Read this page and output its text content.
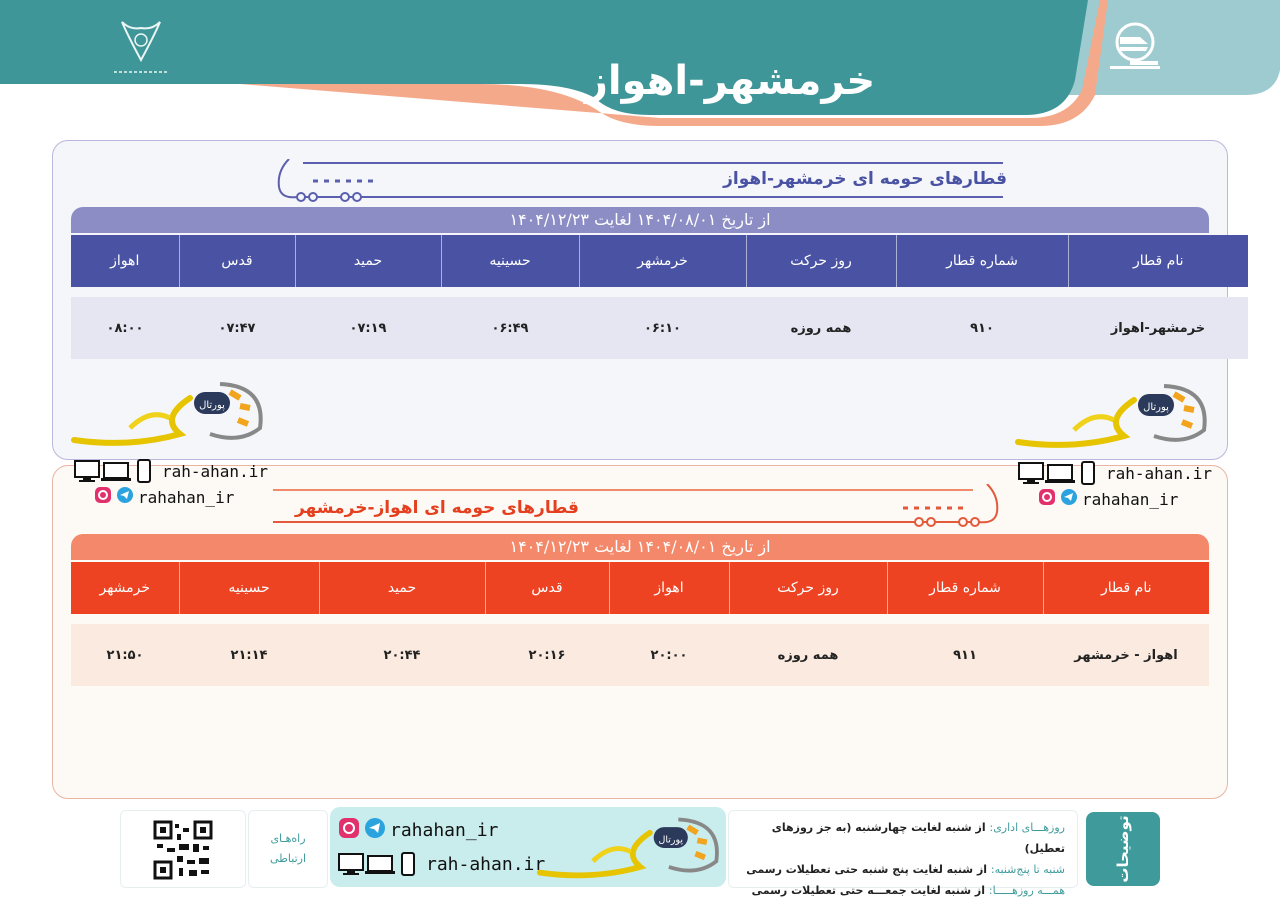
خرمشهر-اهواز
قطارهای حومه ای خرمشهر-اهواز
از تاریخ ۱۴۰۴/۰۸/۰۱ لغایت ۱۴۰۴/۱۲/۲۳
نام قطار	شماره قطار	روز حرکت	خرمشهر	حسینیه	حمید	قدس	اهواز

خرمشهر-اهواز	۹۱۰	همه روزه	۰۶:۱۰	۰۶:۴۹	۰۷:۱۹	۰۷:۴۷	۰۸:۰۰
قطارهای حومه ای اهواز-خرمشهر
از تاریخ ۱۴۰۴/۰۸/۰۱ لغایت ۱۴۰۴/۱۲/۲۳
نام قطار	شماره قطار	روز حرکت	اهواز	قدس	حمید	حسینیه	خرمشهر

اهواز - خرمشهر	۹۱۱	همه روزه	۲۰:۰۰	۲۰:۱۶	۲۰:۴۴	۲۱:۱۴	۲۱:۵۰
پورتال	پورتال
rah-ahan.ir
rahahan_ir
rah-ahan.ir
rahahan_ir
توضیحات
روزهـــای اداری: از شنبه لغایت چهارشنبه (به جز روزهای تعطیل)
شنبه تا پنج‌شنبه: از شنبه لغایت پنج شنبه حتی تعطیلات رسمی
همـــه روزهـــــا: از شنبه لغایت جمعـــه حتی تعطیلات رسمی
rahahan_ir
rah-ahan.ir
پورتال
راه‌هـای
ارتباطی
